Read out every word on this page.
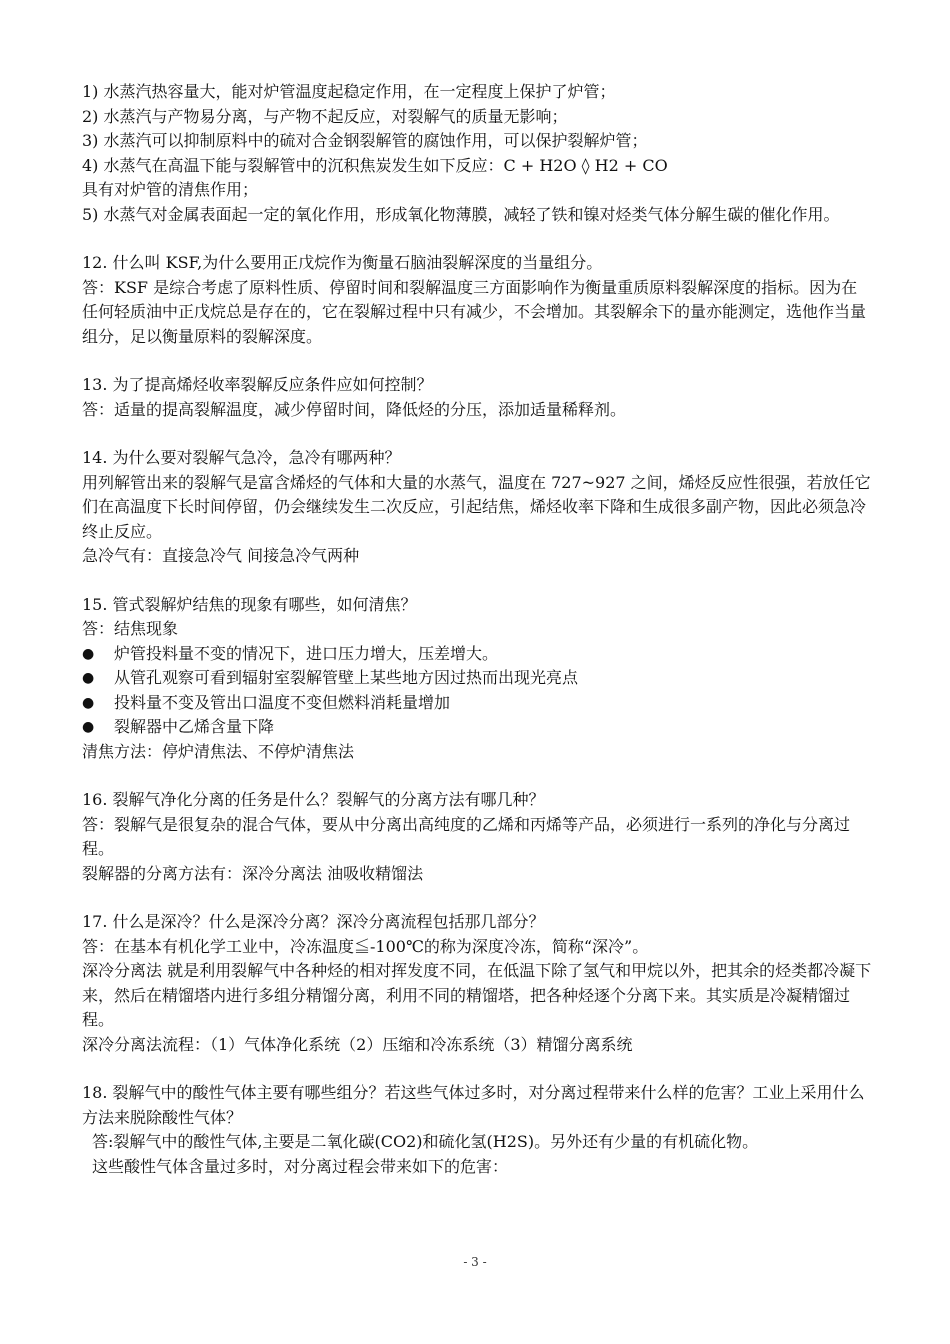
1) 水蒸汽热容量大，能对炉管温度起稳定作用，在一定程度上保护了炉管；

2) 水蒸汽与产物易分离，与产物不起反应，对裂解气的质量无影响；

3) 水蒸汽可以抑制原料中的硫对合金钢裂解管的腐蚀作用，可以保护裂解炉管；

4) 水蒸气在高温下能与裂解管中的沉积焦炭发生如下反应：C + H2O ◊ H2 + CO

具有对炉管的清焦作用；

5) 水蒸气对金属表面起一定的氧化作用，形成氧化物薄膜，减轻了铁和镍对烃类气体分解生碳的催化作用。

12. 什么叫 KSF,为什么要用正戊烷作为衡量石脑油裂解深度的当量组分。

答：KSF 是综合考虑了原料性质、停留时间和裂解温度三方面影响作为衡量重质原料裂解深度的指标。因为在任何轻质油中正戊烷总是存在的，它在裂解过程中只有减少，不会增加。其裂解余下的量亦能测定，选他作当量组分，足以衡量原料的裂解深度。

13. 为了提高烯烃收率裂解反应条件应如何控制？

答：适量的提高裂解温度，减少停留时间，降低烃的分压，添加适量稀释剂。

14. 为什么要对裂解气急冷，急冷有哪两种？

用列解管出来的裂解气是富含烯烃的气体和大量的水蒸气，温度在 727~927 之间，烯烃反应性很强，若放任它们在高温度下长时间停留，仍会继续发生二次反应，引起结焦，烯烃收率下降和生成很多副产物，因此必须急冷终止反应。

急冷气有：直接急冷气 间接急冷气两种

15. 管式裂解炉结焦的现象有哪些，如何清焦？

答：结焦现象

●	炉管投料量不变的情况下，进口压力增大，压差增大。
●	从管孔观察可看到辐射室裂解管壁上某些地方因过热而出现光亮点
●	投料量不变及管出口温度不变但燃料消耗量增加
●	裂解器中乙烯含量下降

清焦方法：停炉清焦法、不停炉清焦法

16. 裂解气净化分离的任务是什么？裂解气的分离方法有哪几种？

答：裂解气是很复杂的混合气体，要从中分离出高纯度的乙烯和丙烯等产品，必须进行一系列的净化与分离过程。

裂解器的分离方法有：深冷分离法 油吸收精馏法

17. 什么是深冷？什么是深冷分离？深冷分离流程包括那几部分？

答：在基本有机化学工业中，冷冻温度≦-100℃的称为深度冷冻，简称“深冷”。

深冷分离法 就是利用裂解气中各种烃的相对挥发度不同，在低温下除了氢气和甲烷以外，把其余的烃类都冷凝下来，然后在精馏塔内进行多组分精馏分离，利用不同的精馏塔，把各种烃逐个分离下来。其实质是冷凝精馏过程。

深冷分离法流程：（1）气体净化系统（2）压缩和冷冻系统（3）精馏分离系统

18. 裂解气中的酸性气体主要有哪些组分？若这些气体过多时，对分离过程带来什么样的危害？工业上采用什么方法来脱除酸性气体？

答:裂解气中的酸性气体,主要是二氧化碳(CO2)和硫化氢(H2S)。另外还有少量的有机硫化物。

这些酸性气体含量过多时，对分离过程会带来如下的危害：

- 3 -
